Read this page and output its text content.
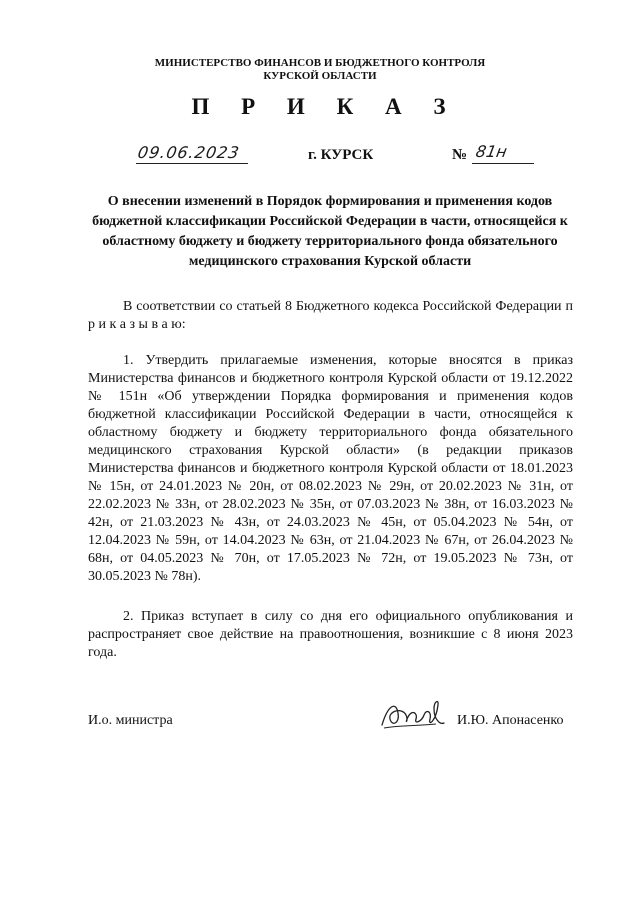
МИНИСТЕРСТВО ФИНАНСОВ И БЮДЖЕТНОГО КОНТРОЛЯ
КУРСКОЙ ОБЛАСТИ
П Р И К А З
09.06.2023	г. КУРСК	№ 81н
О внесении изменений в Порядок формирования и применения кодов бюджетной классификации Российской Федерации в части, относящейся к областному бюджету и бюджету территориального фонда обязательного медицинского страхования Курской области

В соответствии со статьей 8 Бюджетного кодекса Российской Федерации п р и к а з ы в а ю:

1. Утвердить прилагаемые изменения, которые вносятся в приказ Министерства финансов и бюджетного контроля Курской области от 19.12.2022 № 151н «Об утверждении Порядка формирования и применения кодов бюджетной классификации Российской Федерации в части, относящейся к областному бюджету и бюджету территориального фонда обязательного медицинского страхования Курской области» (в редакции приказов Министерства финансов и бюджетного контроля Курской области от 18.01.2023 № 15н, от 24.01.2023 № 20н, от 08.02.2023 № 29н, от 20.02.2023 № 31н, от 22.02.2023 № 33н, от 28.02.2023 № 35н, от 07.03.2023 № 38н, от 16.03.2023 № 42н, от 21.03.2023 № 43н, от 24.03.2023 № 45н, от 05.04.2023 № 54н, от 12.04.2023 № 59н, от 14.04.2023 № 63н, от 21.04.2023 № 67н, от 26.04.2023 № 68н, от 04.05.2023 № 70н, от 17.05.2023 № 72н, от 19.05.2023 № 73н, от 30.05.2023 № 78н).

2. Приказ вступает в силу со дня его официального опубликования и распространяет свое действие на правоотношения, возникшие с 8 июня 2023 года.

И.о. министра	И.Ю. Апонасенко
